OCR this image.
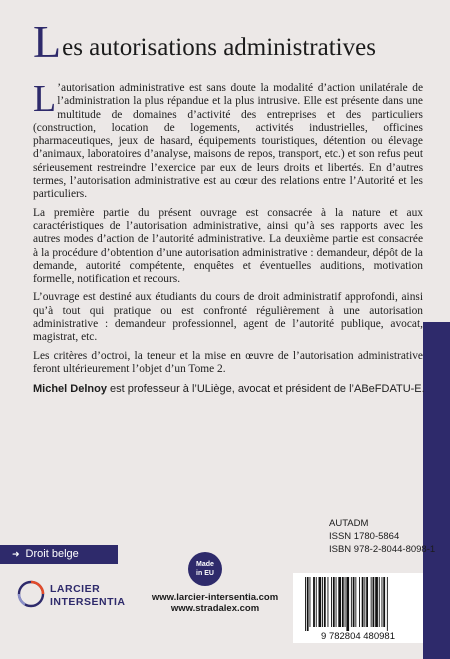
Les autorisations administratives

L ’autorisation administrative est sans doute la modalité d’action unilatérale de l’administration la plus répandue et la plus intrusive. Elle est présente dans une multitude de domaines d’activité des entreprises et des particuliers (construction, location de logements, activités industrielles, officines pharmaceutiques, jeux de hasard, équipements touristiques, détention ou élevage d’animaux, laboratoires d’analyse, maisons de repos, transport, etc.) et son refus peut sérieusement restreindre l’exercice par eux de leurs droits et libertés. En d’autres termes, l’autorisation administrative est au cœur des relations entre l’Autorité et les particuliers.

La première partie du présent ouvrage est consacrée à la nature et aux caractéristiques de l’autorisation administrative, ainsi qu’à ses rapports avec les autres modes d’action de l’autorité administrative. La deuxième partie est consacrée à la procédure d’obtention d’une autorisation administrative : demandeur, dépôt de la demande, autorité compétente, enquêtes et éventuelles auditions, motivation formelle, notification et recours.

L’ouvrage est destiné aux étudiants du cours de droit administratif approfondi, ainsi qu’à tout qui pratique ou est confronté régulièrement à une autorisation administrative : demandeur professionnel, agent de l’autorité publique, avocat, magistrat, etc.

Les critères d’octroi, la teneur et la mise en œuvre de l’autorisation administrative feront ultérieurement l’objet d’un Tome 2.

Michel Delnoy est professeur à l’ULiège, avocat et président de l’ABeFDATU-E.
➜ Droit belge
LARCIER
INTERSENTIA
Made
in EU
www.larcier-intersentia.com
www.stradalex.com
AUTADM
ISSN 1780-5864
ISBN 978-2-8044-8098-1
9 782804 480981
